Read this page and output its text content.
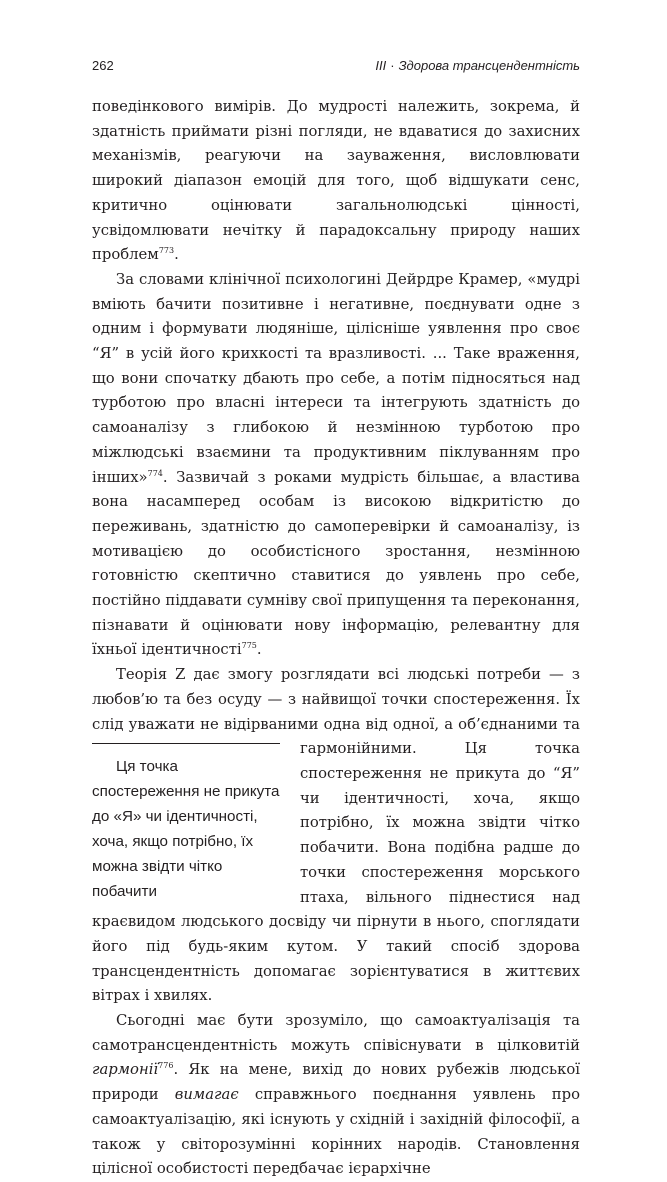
262	III · Здорова трансцендентність

поведінкового вимірів. До мудрості належить, зокрема, й здатність приймати різні погляди, не вдаватися до захисних механізмів, реагуючи на зауваження, висловлювати широкий діапазон емоцій для того, щоб відшукати сенс, критично оцінювати загальнолюдські цінності, усвідомлювати нечітку й парадоксальну природу наших проблем$^{773}$.

За словами клінічної психологині Дейрдре Крамер, «мудрі вміють бачити позитивне і негативне, поєднувати одне з одним і формувати людяніше, цілісніше уявлення про своє “Я” в усій його крихкості та вразливості. ... Таке враження, що вони спочатку дбають про себе, а потім підносяться над турботою про власні інтереси та інтегрують здатність до самоаналізу з глибокою й незмінною турботою про міжлюдські взаємини та продуктивним піклуванням про інших»$^{774}$. Зазвичай з роками мудрість більшає, а властива вона насамперед особам із високою відкритістю до переживань, здатністю до самоперевірки й самоаналізу, із мотивацією до особистісного зростання, незмінною готовністю скептично ставитися до уявлень про себе, постійно піддавати сумніву свої припущення та переконання, пізнавати й оцінювати нову інформацію, релевантну для їхньої ідентичності$^{775}$.

Теорія Z дає змогу розглядати всі людські потреби — з любов’ю та без осуду — з найвищої точки спостереження. Їх слід уважати не відірваними одна від одної, а об’єднаними та гармонійними.
Ця точка спостереження не прикута до «Я» чи ідентичності, хоча, якщо потрібно, їх можна звідти чітко побачити
Ця точка спостереження не прикута до “Я” чи ідентичності, хоча, якщо потрібно, їх можна звідти чітко побачити. Вона подібна радше до точки спостереження морського птаха, вільного піднестися над краєвидом людського досвіду чи пірнути в нього, споглядати його під будь-яким кутом. У такий спосіб здорова трансцендентність допомагає зорієнтуватися в життєвих вітрах і хвилях.

Сьогодні має бути зрозуміло, що самоактуалізація та самотрансцендентність можуть співіснувати в цілковитій гармонії$^{776}$. Як на мене, вихід до нових рубежів людської природи вимагає справжнього поєднання уявлень про самоактуалізацію, які існують у східній і західній філософії, а також у світорозумінні корінних народів. Становлення цілісної особистості передбачає ієрархічне
